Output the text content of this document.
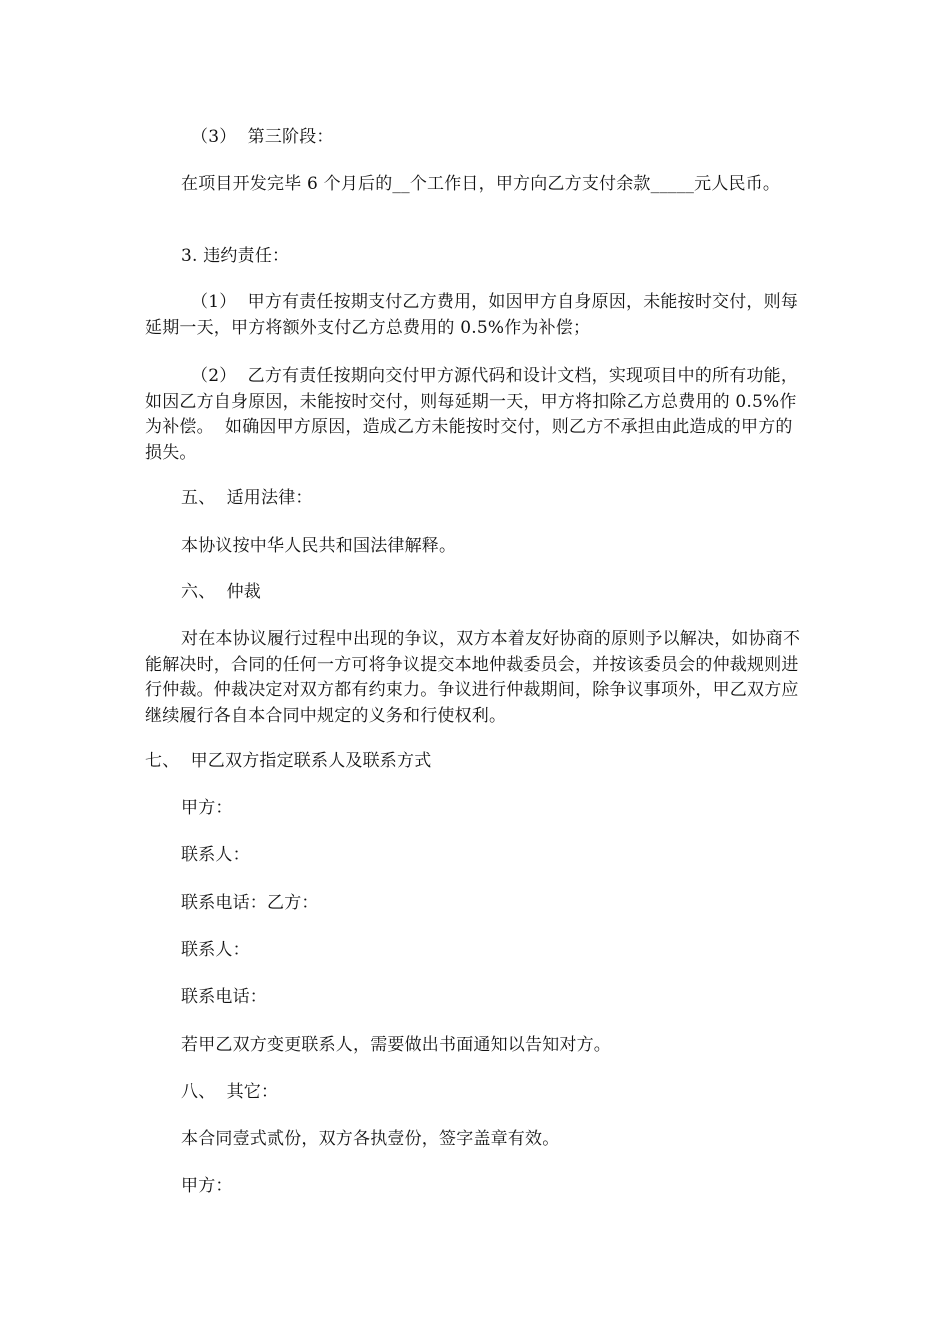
（3）  第三阶段：

在项目开发完毕 6 个月后的__个工作日，甲方向乙方支付余款_____元人民币。

3. 违约责任：

（1）  甲方有责任按期支付乙方费用，如因甲方自身原因，未能按时交付，则每延期一天，甲方将额外支付乙方总费用的 0.5%作为补偿；

（2）  乙方有责任按期向交付甲方源代码和设计文档，实现项目中的所有功能，如因乙方自身原因，未能按时交付，则每延期一天，甲方将扣除乙方总费用的 0.5%作为补偿。  如确因甲方原因，造成乙方未能按时交付，则乙方不承担由此造成的甲方的损失。

五、  适用法律：

本协议按中华人民共和国法律解释。

六、  仲裁

对在本协议履行过程中出现的争议，双方本着友好协商的原则予以解决，如协商不能解决时，合同的任何一方可将争议提交本地仲裁委员会，并按该委员会的仲裁规则进行仲裁。仲裁决定对双方都有约束力。争议进行仲裁期间，除争议事项外，甲乙双方应继续履行各自本合同中规定的义务和行使权利。

七、  甲乙双方指定联系人及联系方式

甲方：

联系人：

联系电话：乙方：

联系人：

联系电话：

若甲乙双方变更联系人，需要做出书面通知以告知对方。

八、  其它：

本合同壹式贰份，双方各执壹份，签字盖章有效。

甲方：
